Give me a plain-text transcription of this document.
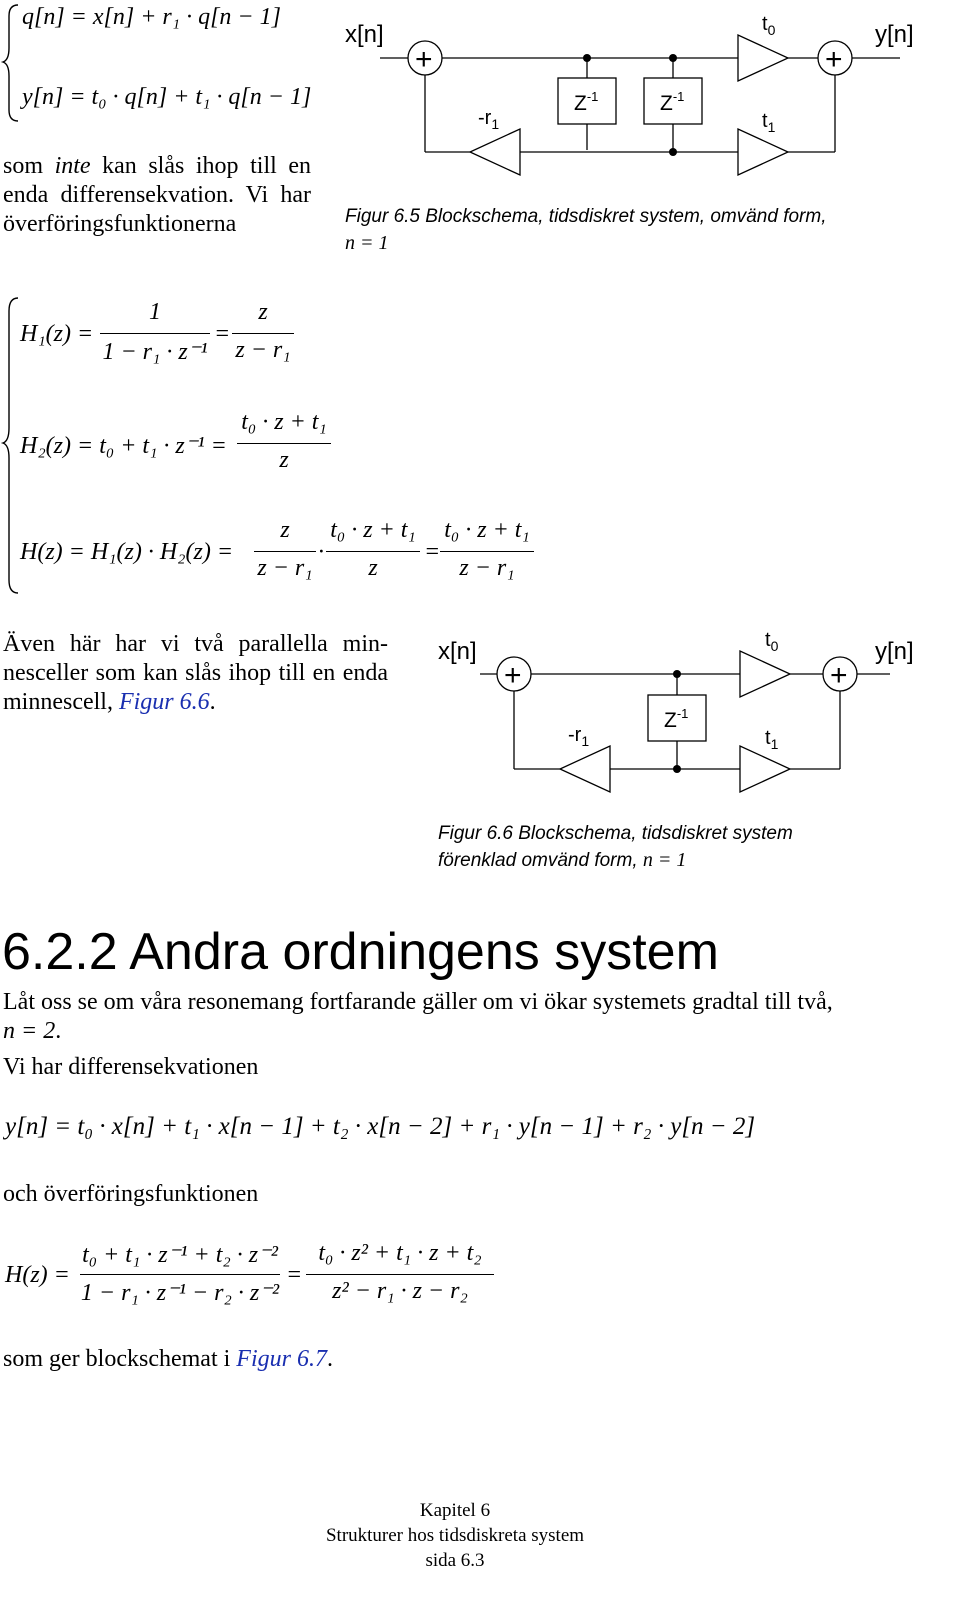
q[n] = x[n] + r₁ · q[n − 1]
y[n] = t₀ · q[n] + t₁ · q[n − 1]
som inte kan slås ihop till en enda differensekvation. Vi har överföringsfunktionerna
+	+
x[n]	y[n]
$t_0$
$t_1$
$-r_1$
$Z^{-1}$	$Z^{-1}$
Figur 6.5 Blockschema, tidsdiskret system, omvänd form,
n = 1
H₁(z) =
1
1 − r₁ · z⁻¹
=
z
z − r₁
H₂(z) = t₀ + t₁ · z⁻¹ =
t₀ · z + t₁
z
H(z) = H₁(z) · H₂(z) =
z
z − r₁
·
t₀ · z + t₁
z
=
t₀ · z + t₁
z − r₁
Även här har vi två parallella minnesceller som kan slås ihop till en enda minnescell, Figur 6.6.
+	+
x[n]	y[n]
$t_0$
$t_1$
$-r_1$
$Z^{-1}$
Figur 6.6 Blockschema, tidsdiskret system
förenklad omvänd form, n = 1
6.2.2 Andra ordningens system
Låt oss se om våra resonemang fortfarande gäller om vi ökar systemets gradtal till två,
n = 2.
Vi har differensekvationen
y[n] = t₀ · x[n] + t₁ · x[n − 1] + t₂ · x[n − 2] + r₁ · y[n − 1] + r₂ · y[n − 2]
och överföringsfunktionen
H(z) =
t₀ + t₁ · z⁻¹ + t₂ · z⁻²
1 − r₁ · z⁻¹ − r₂ · z⁻²
=
t₀ · z² + t₁ · z + t₂
z² − r₁ · z − r₂
som ger blockschemat i Figur 6.7.
Kapitel 6
Strukturer hos tidsdiskreta system
sida 6.3
